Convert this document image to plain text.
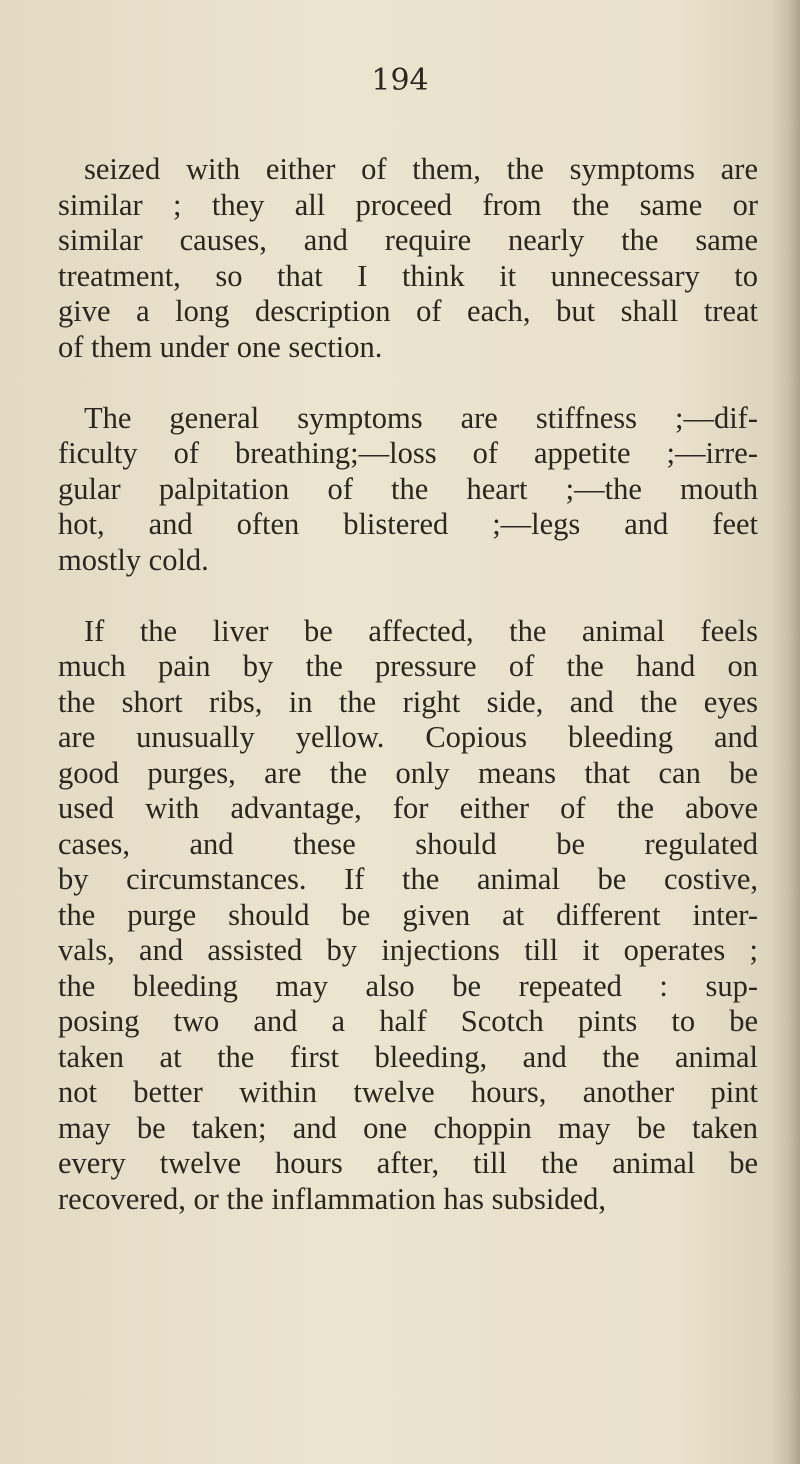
194

seized with either of them, the symptoms are
similar ; they all proceed from the same or
similar causes, and require nearly the same
treatment, so that I think it unnecessary to
give a long description of each, but shall treat
of them under one section.

The general symptoms are stiffness ;—dif-
ficulty of breathing;—loss of appetite ;—irre-
gular palpitation of the heart ;—the mouth
hot, and often blistered ;—legs and feet
mostly cold.

If the liver be affected, the animal feels
much pain by the pressure of the hand on
the short ribs, in the right side, and the eyes
are unusually yellow. Copious bleeding and
good purges, are the only means that can be
used with advantage, for either of the above
cases, and these should be regulated
by circumstances. If the animal be costive,
the purge should be given at different inter-
vals, and assisted by injections till it operates ;
the bleeding may also be repeated : sup-
posing two and a half Scotch pints to be
taken at the first bleeding, and the animal
not better within twelve hours, another pint
may be taken; and one choppin may be taken
every twelve hours after, till the animal be
recovered, or the inflammation has subsided,
